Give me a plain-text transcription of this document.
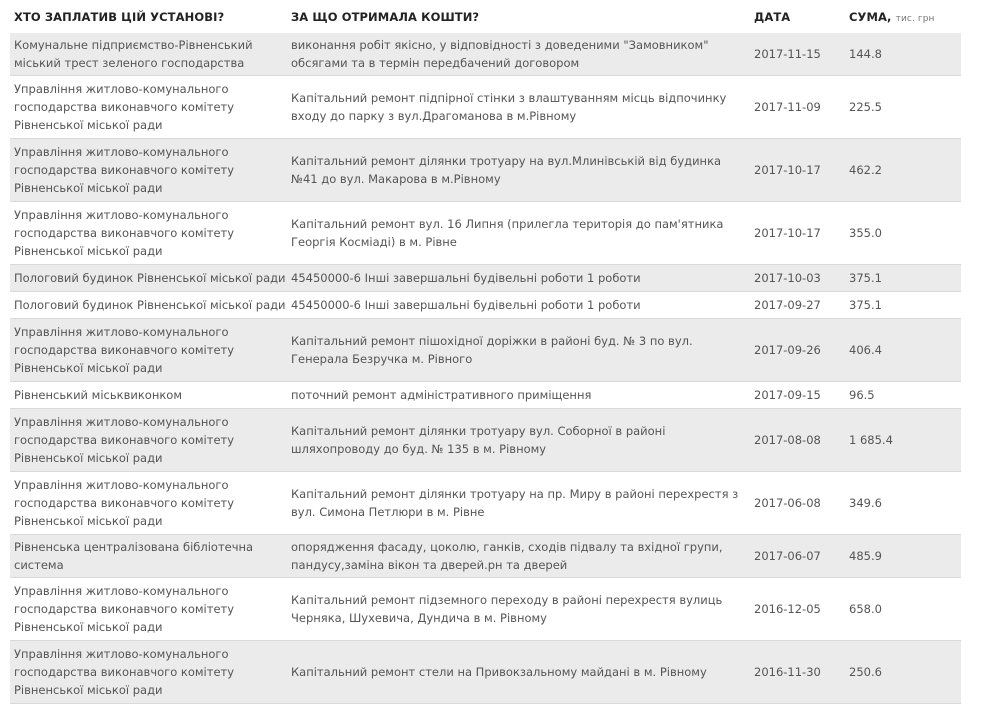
ХТО ЗАПЛАТИВ ЦІЙ УСТАНОВІ?	ЗА ЩО ОТРИМАЛА КОШТИ?	ДАТА	СУМА, тис. грн
Комунальне підприємство-Рівненський міський трест зеленого господарства	виконання робіт якісно, у відповідності з доведеними "Замовником" обсягами та в термін передбачений договором	2017-11-15	144.8
Управління житлово-комунального господарства виконавчого комітету Рівненської міської ради	Капітальний ремонт підпірної стінки з влаштуванням місць відпочинку входу до парку з вул.Драгоманова в м.Рівному	2017-11-09	225.5
Управління житлово-комунального господарства виконавчого комітету Рівненської міської ради	Капітальний ремонт ділянки тротуару на вул.Млинівській від будинка №41 до вул. Макарова в м.Рівному	2017-10-17	462.2
Управління житлово-комунального господарства виконавчого комітету Рівненської міської ради	Капітальний ремонт вул. 16 Липня (прилегла територія до пам'ятника Георгія Косміаді) в м. Рівне	2017-10-17	355.0
Пологовий будинок Рівненської міської ради	45450000-6 Інші завершальні будівельні роботи 1 роботи	2017-10-03	375.1
Пологовий будинок Рівненської міської ради	45450000-6 Інші завершальні будівельні роботи 1 роботи	2017-09-27	375.1
Управління житлово-комунального господарства виконавчого комітету Рівненської міської ради	Капітальний ремонт пішохідної доріжки в районі буд. № 3 по вул. Генерала Безручка м. Рівного	2017-09-26	406.4
Рівненський міськвиконком	поточний ремонт адміністративного приміщення	2017-09-15	96.5
Управління житлово-комунального господарства виконавчого комітету Рівненської міської ради	Капітальний ремонт ділянки тротуару вул. Соборної в районі шляхопроводу до буд. № 135 в м. Рівному	2017-08-08	1 685.4
Управління житлово-комунального господарства виконавчого комітету Рівненської міської ради	Капітальний ремонт ділянки тротуару на пр. Миру в районі перехрестя з вул. Симона Петлюри в м. Рівне	2017-06-08	349.6
Рівненська централізована бібліотечна система	опорядження фасаду, цоколю, ганків, сходів підвалу та вхідної групи, пандусу,заміна вікон та дверей.рн та дверей	2017-06-07	485.9
Управління житлово-комунального господарства виконавчого комітету Рівненської міської ради	Капітальний ремонт підземного переходу в районі перехрестя вулиць Черняка, Шухевича, Дундича в м. Рівному	2016-12-05	658.0
Управління житлово-комунального господарства виконавчого комітету Рівненської міської ради	Капітальний ремонт стели на Привокзальному майдані в м. Рівному	2016-11-30	250.6
